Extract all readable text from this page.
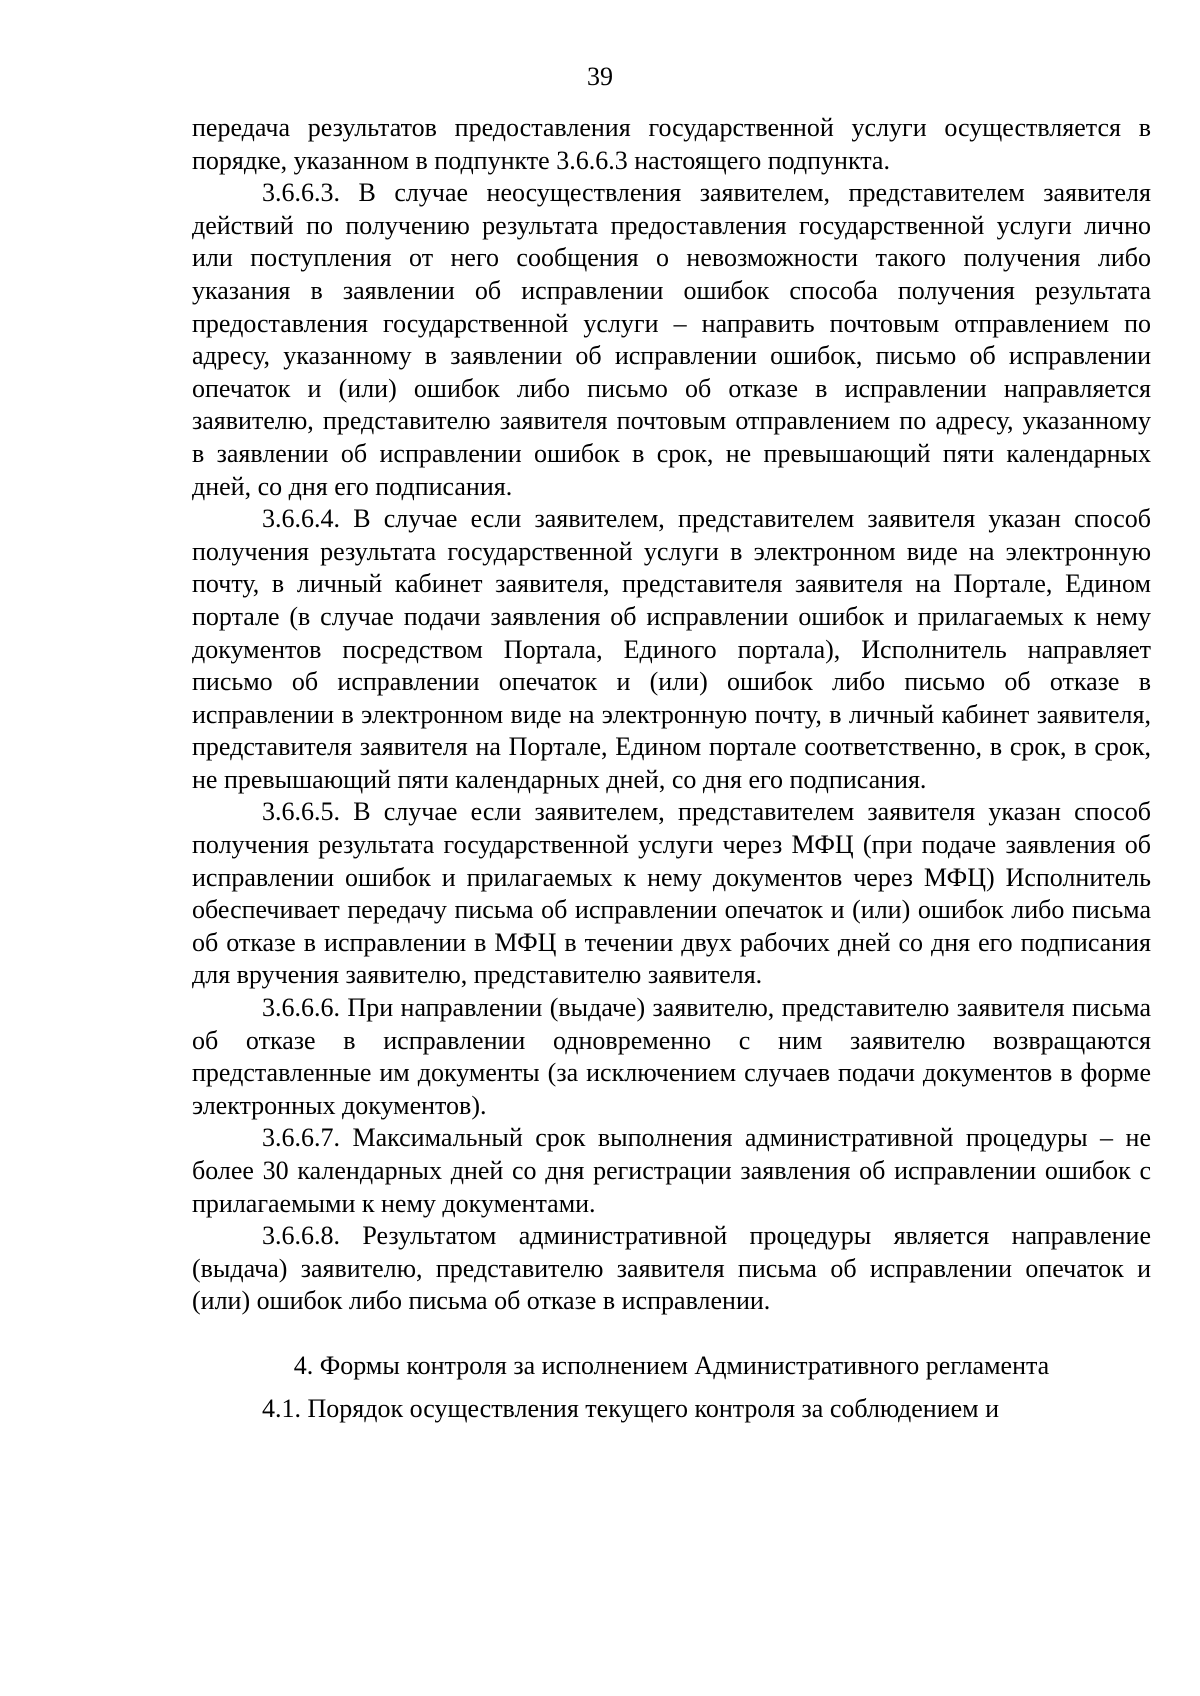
39

передача результатов предоставления государственной услуги осуществляется в порядке, указанном в подпункте 3.6.6.3 настоящего подпункта.

3.6.6.3. В случае неосуществления заявителем, представителем заявителя действий по получению результата предоставления государственной услуги лично или поступления от него сообщения о невозможности такого получения либо указания в заявлении об исправлении ошибок способа получения результата предоставления государственной услуги – направить почтовым отправлением по адресу, указанному в заявлении об исправлении ошибок, письмо об исправлении опечаток и (или) ошибок либо письмо об отказе в исправлении направляется заявителю, представителю заявителя почтовым отправлением по адресу, указанному в заявлении об исправлении ошибок в срок, не превышающий пяти календарных дней, со дня его подписания.

3.6.6.4. В случае если заявителем, представителем заявителя указан способ получения результата государственной услуги в электронном виде на электронную почту, в личный кабинет заявителя, представителя заявителя на Портале, Едином портале (в случае подачи заявления об исправлении ошибок и прилагаемых к нему документов посредством Портала, Единого портала), Исполнитель направляет письмо об исправлении опечаток и (или) ошибок либо письмо об отказе в исправлении в электронном виде на электронную почту, в личный кабинет заявителя, представителя заявителя на Портале, Едином портале соответственно, в срок, в срок, не превышающий пяти календарных дней, со дня его подписания.

3.6.6.5. В случае если заявителем, представителем заявителя указан способ получения результата государственной услуги через МФЦ (при подаче заявления об исправлении ошибок и прилагаемых к нему документов через МФЦ) Исполнитель обеспечивает передачу письма об исправлении опечаток и (или) ошибок либо письма об отказе в исправлении в МФЦ в течении двух рабочих дней со дня его подписания для вручения заявителю, представителю заявителя.

3.6.6.6. При направлении (выдаче) заявителю, представителю заявителя письма об отказе в исправлении одновременно с ним заявителю возвращаются представленные им документы (за исключением случаев подачи документов в форме электронных документов).

3.6.6.7. Максимальный срок выполнения административной процедуры – не более 30 календарных дней со дня регистрации заявления об исправлении ошибок с прилагаемыми к нему документами.

3.6.6.8. Результатом административной процедуры является направление (выдача) заявителю, представителю заявителя письма об исправлении опечаток и (или) ошибок либо письма об отказе в исправлении.

4. Формы контроля за исполнением Административного регламента

4.1. Порядок осуществления текущего контроля за соблюдением и
